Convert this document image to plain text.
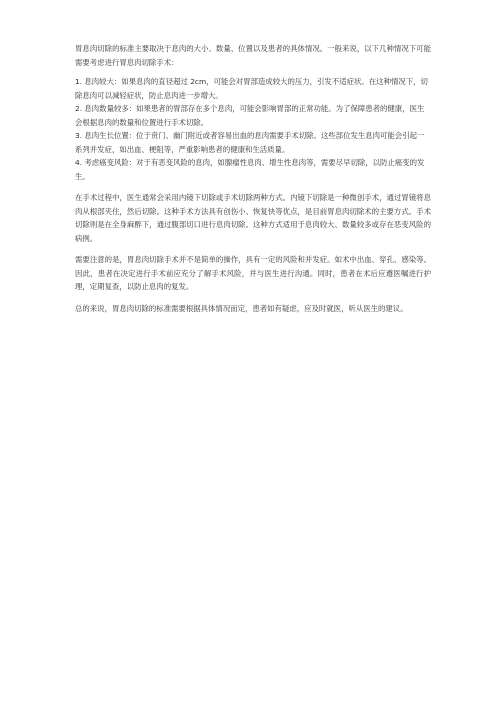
胃息肉切除的标准主要取决于息肉的大小、数量、位置以及患者的具体情况。一般来说，以下几种情况下可能需要考虑进行胃息肉切除手术：

1. 息肉较大：如果息肉的直径超过 2cm，可能会对胃部造成较大的压力，引发不适症状。在这种情况下，切除息肉可以减轻症状，防止息肉进一步增大。
2. 息肉数量较多：如果患者的胃部存在多个息肉，可能会影响胃部的正常功能。为了保障患者的健康，医生会根据息肉的数量和位置进行手术切除。
3. 息肉生长位置：位于贲门、幽门附近或者容易出血的息肉需要手术切除。这些部位发生息肉可能会引起一系列并发症，如出血、梗阻等，严重影响患者的健康和生活质量。
4. 考虑癌变风险：对于有恶变风险的息肉，如腺瘤性息肉、增生性息肉等，需要尽早切除，以防止癌变的发生。

在手术过程中，医生通常会采用内镜下切除或手术切除两种方式。内镜下切除是一种微创手术，通过胃镜将息肉从根部夹住，然后切除。这种手术方法具有创伤小、恢复快等优点，是目前胃息肉切除术的主要方式。手术切除则是在全身麻醉下，通过腹部切口进行息肉切除。这种方式适用于息肉较大、数量较多或存在恶变风险的病例。

需要注意的是，胃息肉切除手术并不是简单的操作，具有一定的风险和并发症。如术中出血、穿孔、感染等。因此，患者在决定进行手术前应充分了解手术风险，并与医生进行沟通。同时，患者在术后应遵医嘱进行护理，定期复查，以防止息肉的复发。

总的来说，胃息肉切除的标准需要根据具体情况而定，患者如有疑虑，应及时就医，听从医生的建议。
